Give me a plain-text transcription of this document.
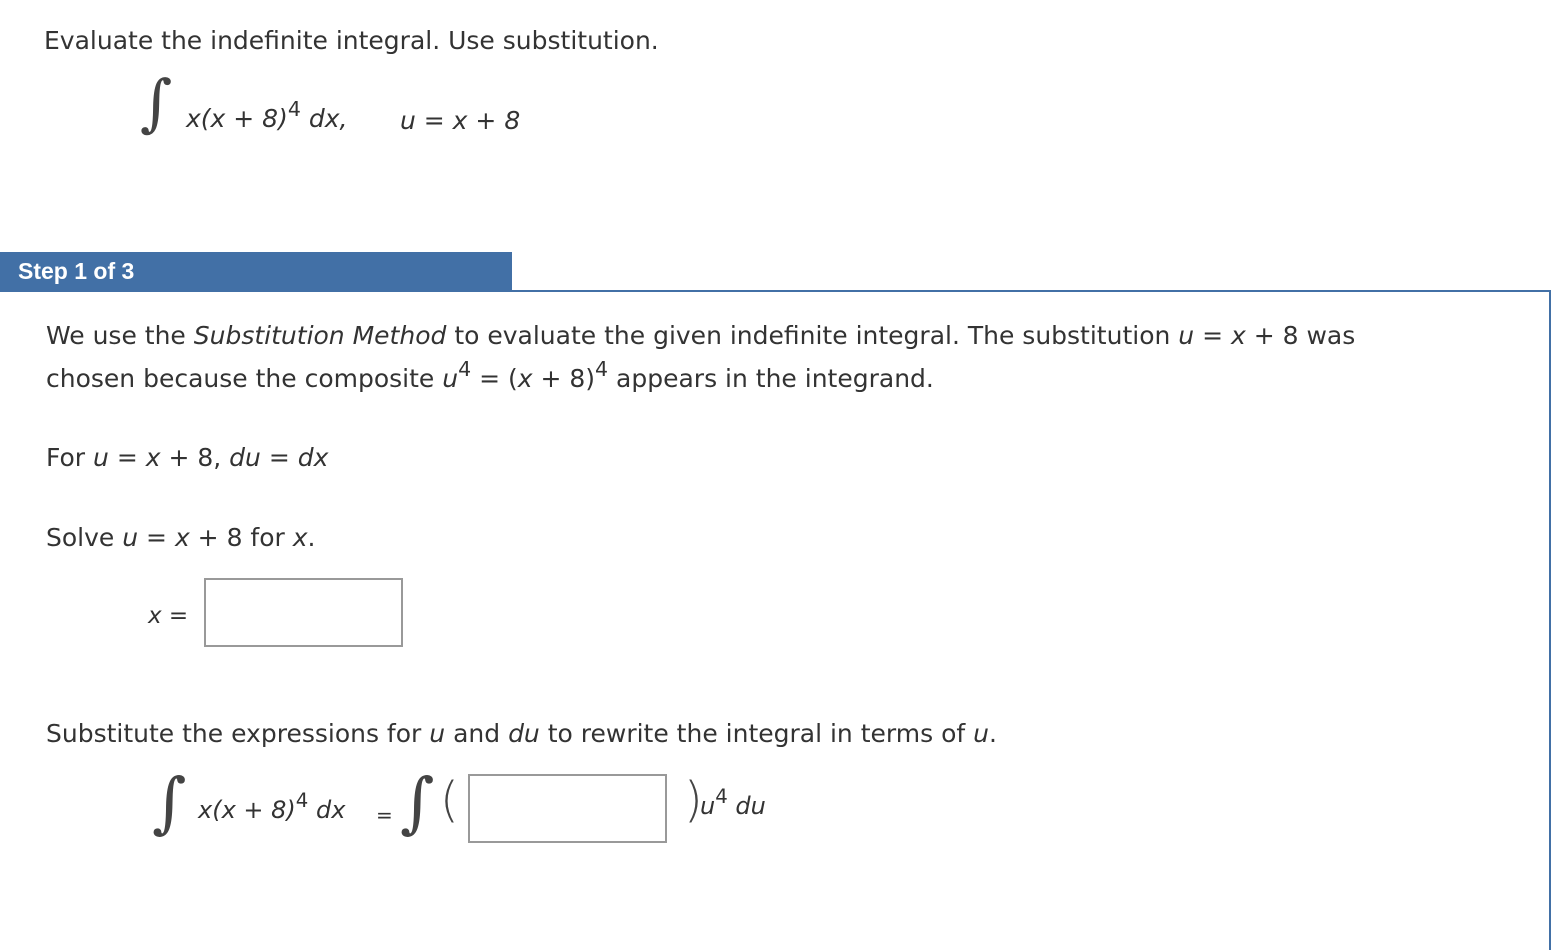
Evaluate the indefinite integral. Use substitution.
∫ $x(x + 8)^4$ dx, u = x + 8
Step 1 of 3
We use the Substitution Method to evaluate the given indefinite integral. The substitution u = x + 8 was
chosen because the composite $u^4 = (x + 8)^4$ appears in the integrand.
For u = x + 8, du = dx
Solve u = x + 8 for x.
x =
Substitute the expressions for u and du to rewrite the integral in terms of u.
∫ $x(x + 8)^4$ dx = ∫ (	)
$u^4$ du
